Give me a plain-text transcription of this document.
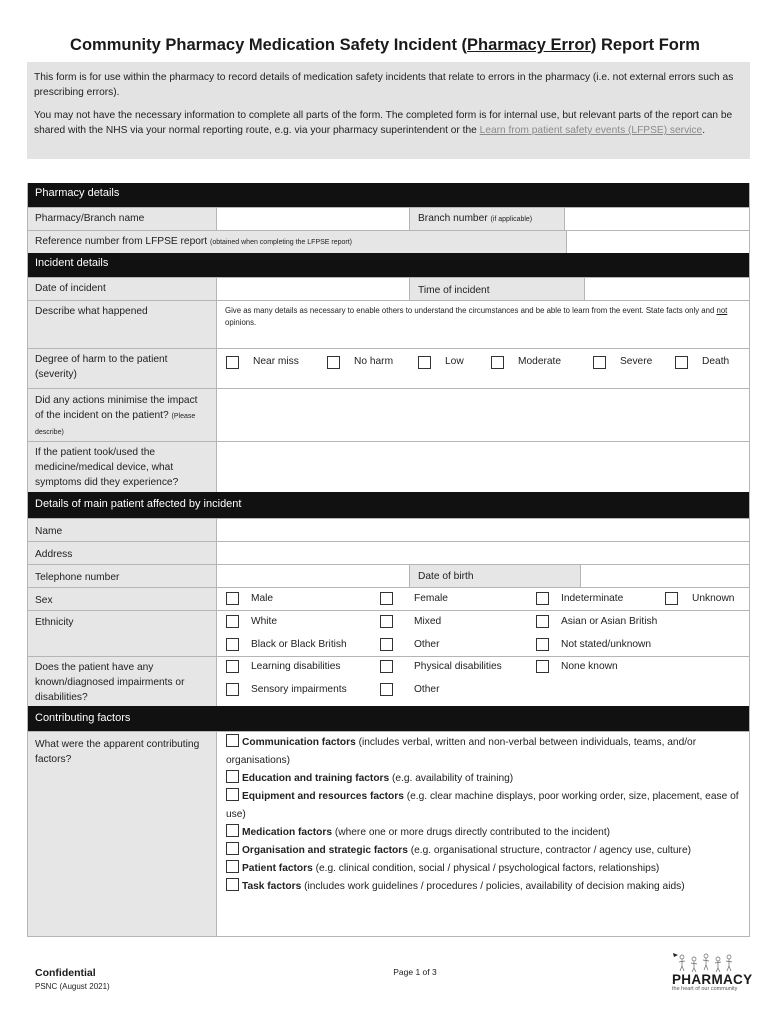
Community Pharmacy Medication Safety Incident (Pharmacy Error) Report Form

This form is for use within the pharmacy to record details of medication safety incidents that relate to errors in the pharmacy (i.e. not external errors such as prescribing errors).

You may not have the necessary information to complete all parts of the form. The completed form is for internal use, but relevant parts of the report can be shared with the NHS via your normal reporting route, e.g. via your pharmacy superintendent or the Learn from patient safety events (LFPSE) service.

Pharmacy details
Pharmacy/Branch name	Branch number (if applicable)
Reference number from LFPSE report (obtained when completing the LFPSE report)
Incident details
Date of incident	Time of incident
Describe what happened	Give as many details as necessary to enable others to understand the circumstances and be able to learn from the event. State facts only and not opinions.
Degree of harm to the patient (severity)
Near miss	No harm	Low	Moderate	Severe	Death
Did any actions minimise the impact of the incident on the patient? (Please describe)
If the patient took/used the medicine/medical device, what symptoms did they experience?
Details of main patient affected by incident
Name
Address
Telephone number	Date of birth
Sex	Male	Female	Indeterminate	Unknown
Ethnicity	White	Mixed	Asian or Asian British
Black or Black British	Other	Not stated/unknown
Does the patient have any known/diagnosed impairments or disabilities?
Learning disabilities	Physical disabilities	None known
Sensory impairments	Other
Contributing factors
What were the apparent contributing factors?
Communication factors (includes verbal, written and non-verbal between individuals, teams, and/or organisations)
Education and training factors (e.g. availability of training)
Equipment and resources factors (e.g. clear machine displays, poor working order, size, placement, ease of use)
Medication factors (where one or more drugs directly contributed to the incident)
Organisation and strategic factors (e.g. organisational structure, contractor / agency use, culture)
Patient factors (e.g. clinical condition, social / physical / psychological factors, relationships)
Task factors (includes work guidelines / procedures / policies, availability of decision making aids)
Confidential
PSNC (August 2021)
Page 1 of 3	PHARMACY
the heart of our community
